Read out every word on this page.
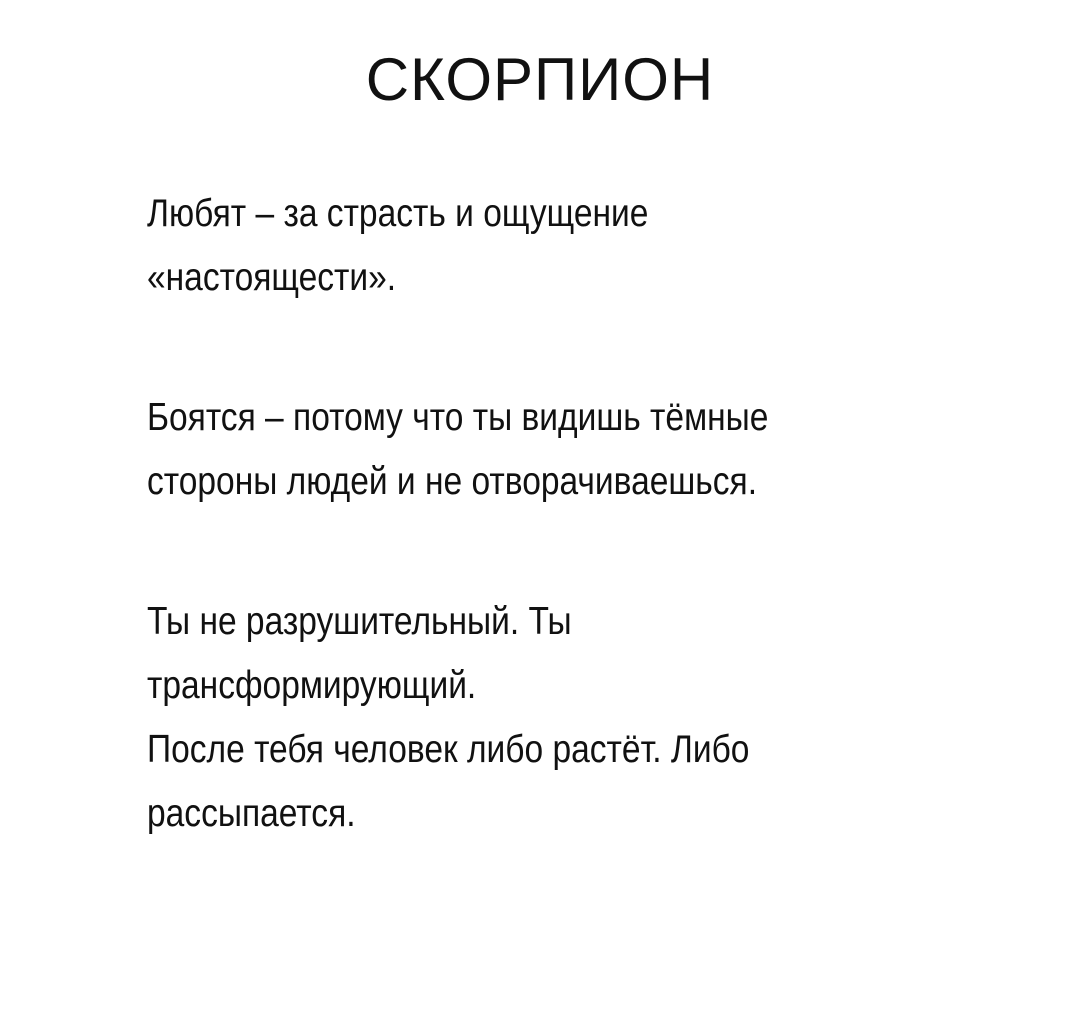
СКОРПИОН

Любят – за страсть и ощущение
«настоящести».

Боятся – потому что ты видишь тёмные
стороны людей и не отворачиваешься.

Ты не разрушительный. Ты
трансформирующий.
После тебя человек либо растёт. Либо
рассыпается.
